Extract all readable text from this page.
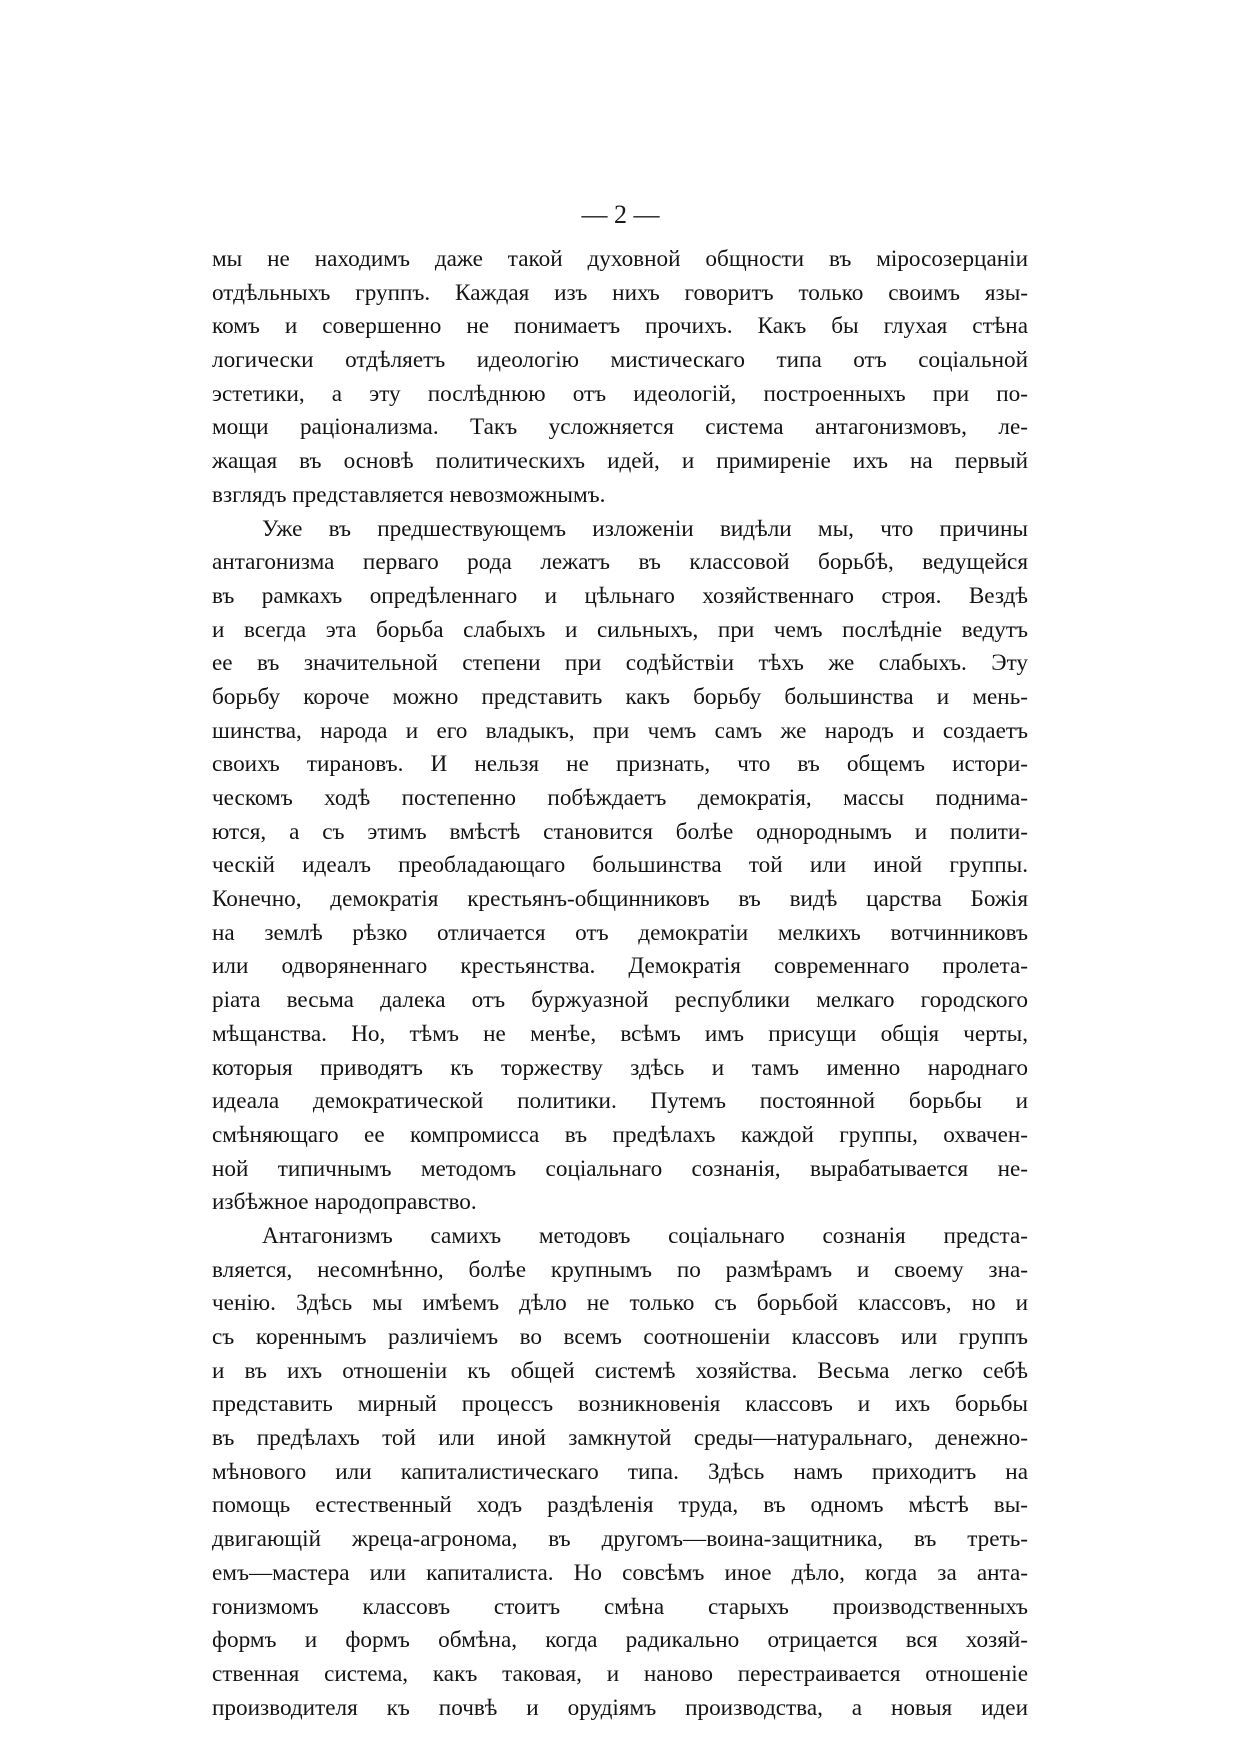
— 2 —
мы не находимъ даже такой духовной общности въ міросозерцаніи
отдѣльныхъ группъ. Каждая изъ нихъ говоритъ только своимъ язы-
комъ и совершенно не понимаетъ прочихъ. Какъ бы глухая стѣна
логически отдѣляетъ идеологію мистическаго типа отъ соціальной
эстетики, а эту послѣднюю отъ идеологій, построенныхъ при по-
мощи раціонализма. Такъ усложняется система антагонизмовъ, ле-
жащая въ основѣ политическихъ идей, и примиреніе ихъ на первый
взглядъ представляется невозможнымъ.
Уже въ предшествующемъ изложеніи видѣли мы, что причины
антагонизма перваго рода лежатъ въ классовой борьбѣ, ведущейся
въ рамкахъ опредѣленнаго и цѣльнаго хозяйственнаго строя. Вездѣ
и всегда эта борьба слабыхъ и сильныхъ, при чемъ послѣдніе ведутъ
ее въ значительной степени при содѣйствіи тѣхъ же слабыхъ. Эту
борьбу короче можно представить какъ борьбу большинства и мень-
шинства, народа и его владыкъ, при чемъ самъ же народъ и создаетъ
своихъ тирановъ. И нельзя не признать, что въ общемъ истори-
ческомъ ходѣ постепенно побѣждаетъ демократія, массы поднима-
ются, а съ этимъ вмѣстѣ становится болѣе однороднымъ и полити-
ческій идеалъ преобладающаго большинства той или иной группы.
Конечно, демократія крестьянъ-общинниковъ въ видѣ царства Божія
на землѣ рѣзко отличается отъ демократіи мелкихъ вотчинниковъ
или одворяненнаго крестьянства. Демократія современнаго пролета-
ріата весьма далека отъ буржуазной республики мелкаго городского
мѣщанства. Но, тѣмъ не менѣе, всѣмъ имъ присущи общія черты,
которыя приводятъ къ торжеству здѣсь и тамъ именно народнаго
идеала демократической политики. Путемъ постоянной борьбы и
смѣняющаго ее компромисса въ предѣлахъ каждой группы, охвачен-
ной типичнымъ методомъ соціальнаго сознанія, вырабатывается не-
избѣжное народоправство.
Антагонизмъ самихъ методовъ соціальнаго сознанія предста-
вляется, несомнѣнно, болѣе крупнымъ по размѣрамъ и своему зна-
ченію. Здѣсь мы имѣемъ дѣло не только съ борьбой классовъ, но и
съ кореннымъ различіемъ во всемъ соотношеніи классовъ или группъ
и въ ихъ отношеніи къ общей системѣ хозяйства. Весьма легко себѣ
представить мирный процессъ возникновенія классовъ и ихъ борьбы
въ предѣлахъ той или иной замкнутой среды—натуральнаго, денежно-
мѣнового или капиталистическаго типа. Здѣсь намъ приходитъ на
помощь естественный ходъ раздѣленія труда, въ одномъ мѣстѣ вы-
двигающій жреца-агронома, въ другомъ—воина-защитника, въ треть-
емъ—мастера или капиталиста. Но совсѣмъ иное дѣло, когда за анта-
гонизмомъ классовъ стоитъ смѣна старыхъ производственныхъ
формъ и формъ обмѣна, когда радикально отрицается вся хозяй-
ственная система, какъ таковая, и наново перестраивается отношеніе
производителя къ почвѣ и орудіямъ производства, а новыя идеи
